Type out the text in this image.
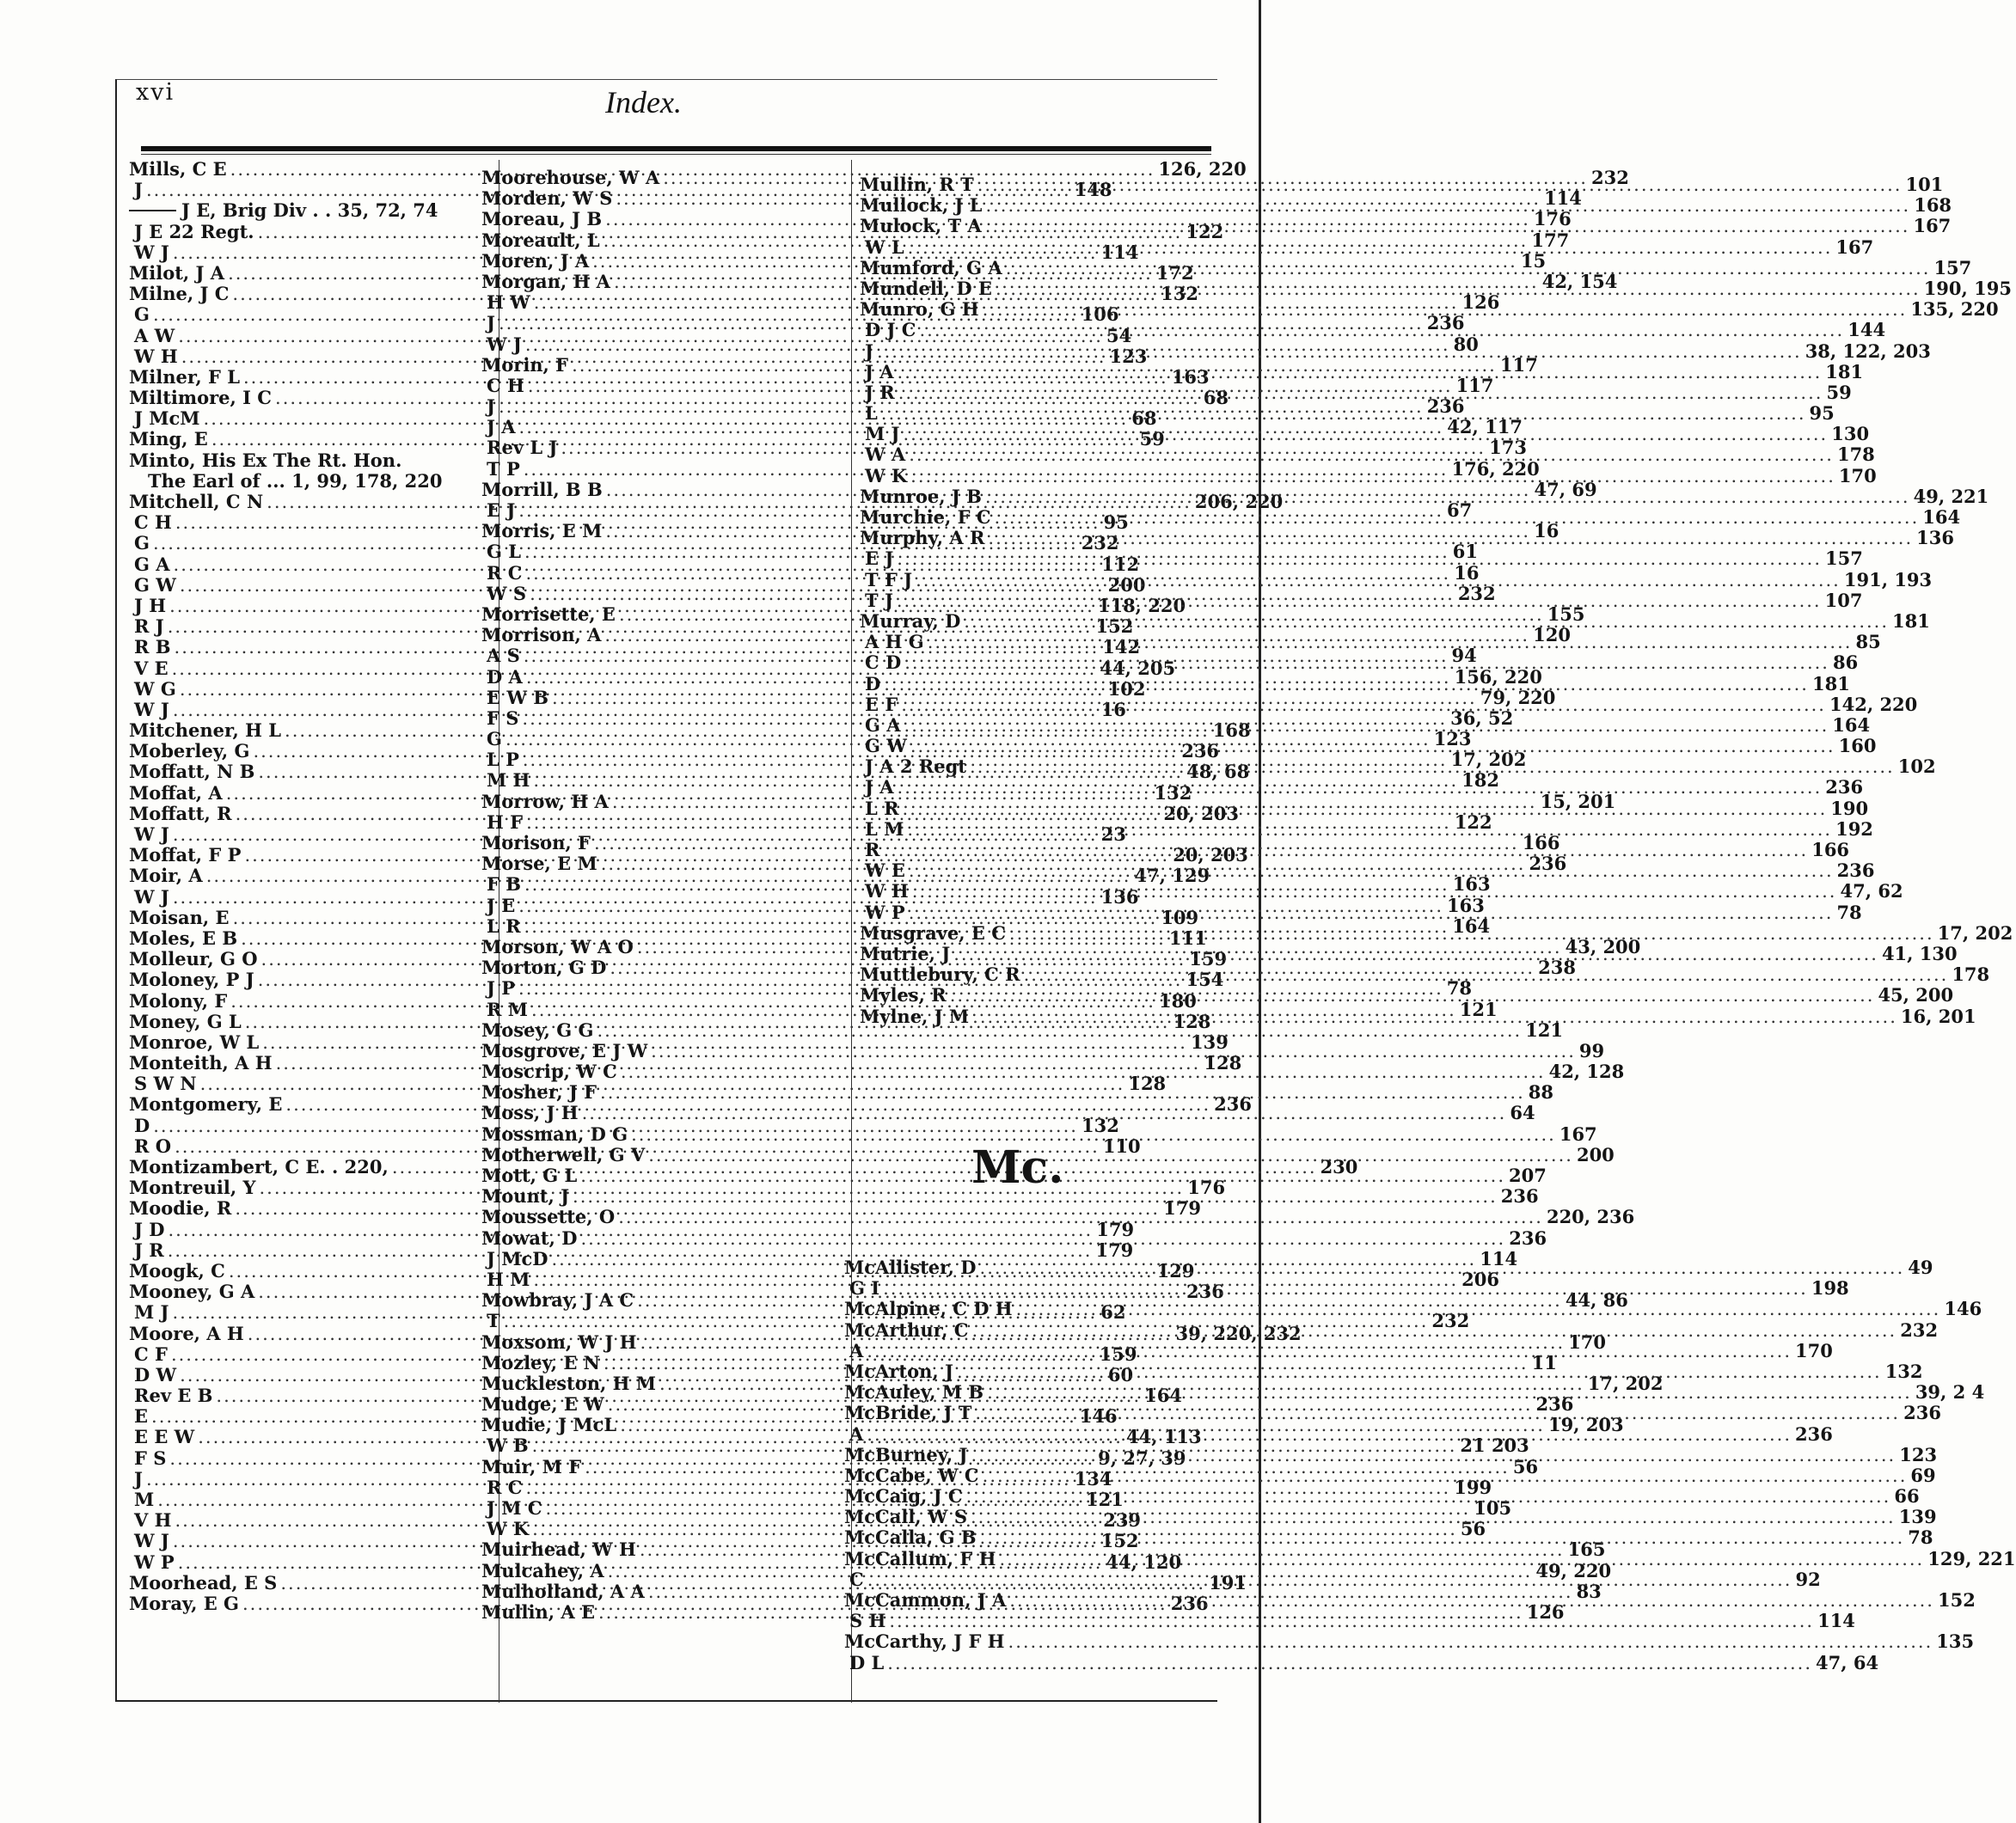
xvi	Index.
Mills, C E .....	126, 220
J .....	148
J E, Brig Div . . 35, 72, 74
J E 22 Regt. .....	122
W J .....	114
Milot, J A .....	172
Milne, J C .....	132
G .....	106
A W .....	54
W H .....	123
Milner, F L .....	163
Miltimore, I C .....	68
J McM .....	68
Ming, E .....	59
Minto, His Ex The Rt. Hon.
The Earl of ... 1, 99, 178, 220
Mitchell, C N .....	206, 220
C H .....	95
G .....	232
G A .....	112
G W .....	200
J H .....	118, 220
R J .....	152
R B .....	142
V E .....	44, 205
W G .....	102
W J .....	16
Mitchener, H L .....	168
Moberley, G .....	236
Moffatt, N B .....	48, 68
Moffat, A .....	132
Moffatt, R .....	20, 203
W J .....	23
Moffat, F P .....	20, 203
Moir, A .....	47, 129
W J .....	136
Moisan, E .....	109
Moles, E B .....	111
Molleur, G O .....	159
Moloney, P J .....	154
Molony, F .....	180
Money, G L .....	128
Monroe, W L .....	139
Monteith, A H .....	128
S W N .....	128
Montgomery, E .....	236
D .....	132
R O .....	110
Montizambert, C E. . 220, .....	230
Montreuil, Y .....	176
Moodie, R .....	179
J D .....	179
J R .....	179
Moogk, C .....	129
Mooney, G A .....	236
M J .....	62
Moore, A H .....	39, 220, 232
C F .....	159
D W .....	60
Rev E B .....	164
E .....	146
E E W .....	44, 113
F S .....	9, 27, 39
J .....	134
M .....	121
V H .....	239
W J .....	152
W P .....	44, 120
Moorhead, E S .....	191
Moray, E G .....	236
Moorehouse, W A .....	232
Morden, W S .....	114
Moreau, J B .....	176
Moreault, L .....	177
Moren, J A .....	15
Morgan, H A .....	42, 154
H W .....	126
J .....	236
W J .....	80
Morin, F .....	117
C H .....	117
J .....	236
J A .....	42, 117
Rev L J .....	173
T P .....	176, 220
Morrill, B B .....	47, 69
E J .....	67
Morris, E M .....	16
G L .....	61
R C .....	16
W S .....	232
Morrisette, E .....	155
Morrison, A .....	120
A S .....	94
D A .....	156, 220
E W B .....	79, 220
F S .....	36, 52
G .....	123
L P .....	17, 202
M H .....	182
Morrow, H A .....	15, 201
H F .....	122
Morison, F .....	166
Morse, E M .....	236
F B .....	163
J E .....	163
L R .....	164
Morson, W A O .....	43, 200
Morton, G D .....	238
J P .....	78
R M .....	121
Mosey, G G .....	121
Mosgrove, E J W .....	99
Moscrip, W C .....	42, 128
Mosher, J F .....	88
Moss, J H .....	64
Mossman, D G .....	167
Motherwell, G V .....	200
Mott, G L .....	207
Mount, J .....	236
Moussette, O .....	220, 236
Mowat, D .....	236
J McD .....	114
H M .....	206
Mowbray, J A C .....	44, 86
T .....	232
Moxsom, W J H .....	170
Mozley, E N .....	11
Muckleston, H M .....	17, 202
Mudge, E W .....	236
Mudie, J McL .....	19, 203
W B .....	21 203
Muir, M F .....	56
R C .....	199
J M C .....	105
W K .....	56
Muirhead, W H .....	165
Mulcahey, A .....	49, 220
Mulholland, A A .....	83
Mullin, A E .....	126
Mullin, R T .....	101
Mullock, J L .....	168
Mulock, T A .....	167
W L .....	167
Mumford, G A .....	157
Mundell, D E .....	190, 195
Munro, G H .....	135, 220
D J C .....	144
J .....	38, 122, 203
J A .....	181
J R .....	59
L .....	95
M J .....	130
W A .....	178
W K .....	170
Munroe, J B .....	49, 221
Murchie, F C .....	164
Murphy, A R .....	136
E J .....	157
T F J .....	191, 193
T J .....	107
Murray, D .....	181
A H G .....	85
C D .....	86
D .....	181
E F .....	142, 220
G A .....	164
G W .....	160
J A 2 Regt .....	102
J A .....	236
L R .....	190
L M .....	192
R .....	166
W E .....	236
W H .....	47, 62
W P .....	78
Musgrave, E C .....	17, 202
Mutrie, J .....	41, 130
Muttlebury, C R .....	178
Myles, R .....	45, 200
Mylne, J M .....	16, 201
Mc.
McAllister, D .....	49
G I .....	198
McAlpine, C D H .....	146
McArthur, C .....	232
A .....	170
McArton, J .....	132
McAuley, M B .....	39, 2 4
McBride, J T .....	236
A .....	236
McBurney, J .....	123
McCabe, W C .....	69
McCaig, J C .....	66
McCall, W S .....	139
McCalla, G B .....	78
McCallum, F H .....	129, 221
C .....	92
McCammon, J A .....	152
S H .....	114
McCarthy, J F H .....	135
D L .....	47, 64
